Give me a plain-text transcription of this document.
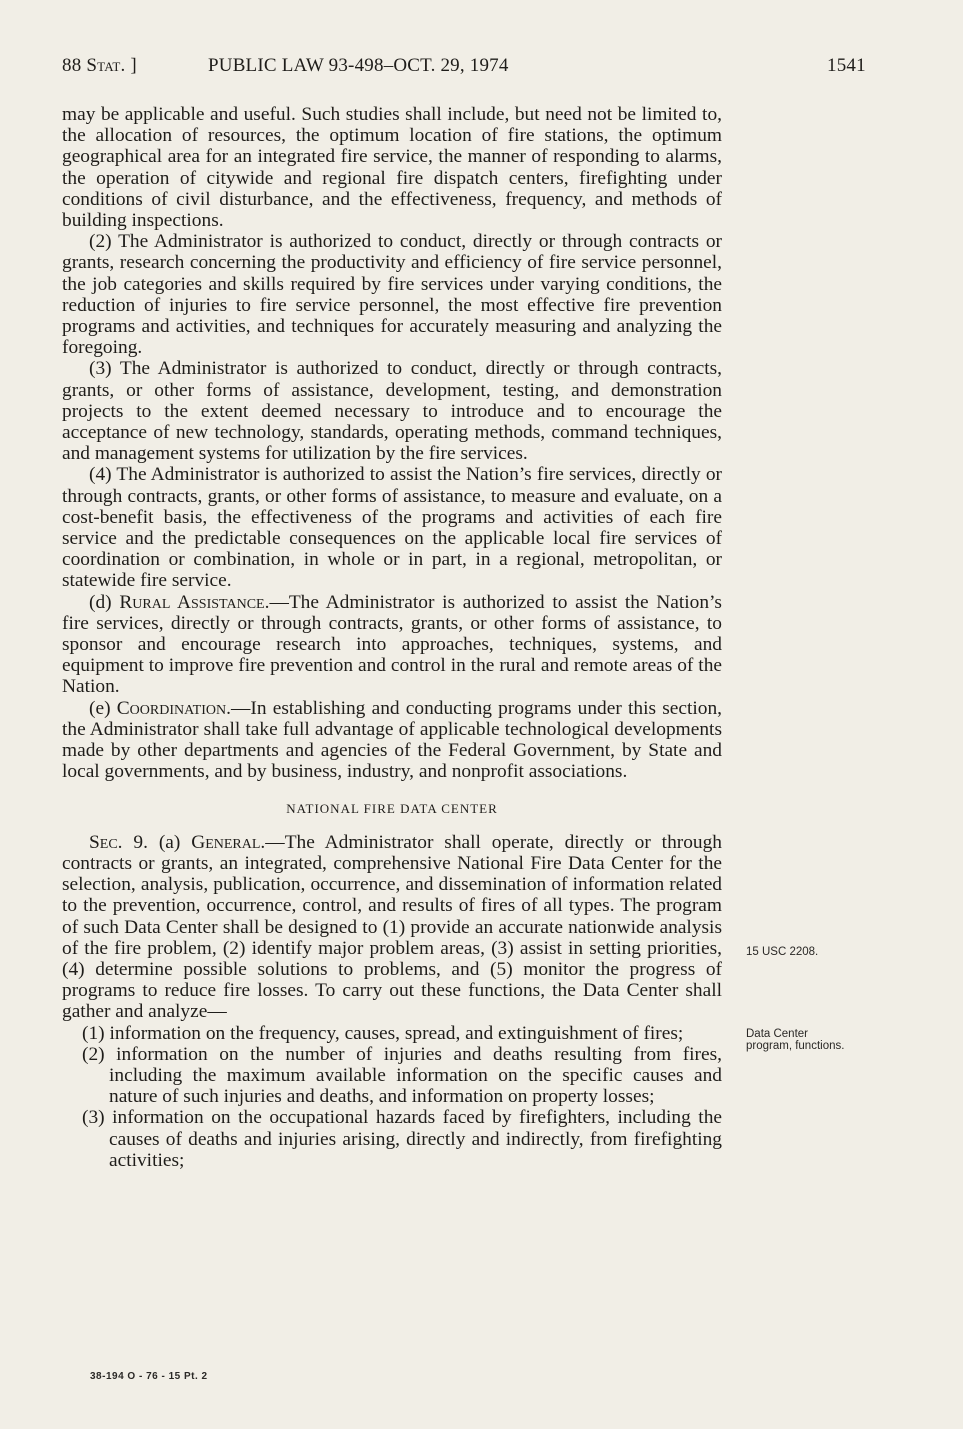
88 Stat. ]	PUBLIC LAW 93-498–OCT. 29, 1974	1541

may be applicable and useful. Such studies shall include, but need not be limited to, the allocation of resources, the optimum location of fire stations, the optimum geographical area for an integrated fire service, the manner of responding to alarms, the operation of citywide and regional fire dispatch centers, firefighting under conditions of civil disturbance, and the effectiveness, frequency, and methods of building inspections.

(2) The Administrator is authorized to conduct, directly or through contracts or grants, research concerning the productivity and efficiency of fire service personnel, the job categories and skills required by fire services under varying conditions, the reduction of injuries to fire service personnel, the most effective fire prevention programs and activities, and techniques for accurately measuring and analyzing the foregoing.

(3) The Administrator is authorized to conduct, directly or through contracts, grants, or other forms of assistance, development, testing, and demonstration projects to the extent deemed necessary to introduce and to encourage the acceptance of new technology, standards, operating methods, command techniques, and management systems for utilization by the fire services.

(4) The Administrator is authorized to assist the Nation’s fire services, directly or through contracts, grants, or other forms of assistance, to measure and evaluate, on a cost-benefit basis, the effectiveness of the programs and activities of each fire service and the predictable consequences on the applicable local fire services of coordination or combination, in whole or in part, in a regional, metropolitan, or statewide fire service.

(d) Rural Assistance.—The Administrator is authorized to assist the Nation’s fire services, directly or through contracts, grants, or other forms of assistance, to sponsor and encourage research into approaches, techniques, systems, and equipment to improve fire prevention and control in the rural and remote areas of the Nation.

(e) Coordination.—In establishing and conducting programs under this section, the Administrator shall take full advantage of applicable technological developments made by other departments and agencies of the Federal Government, by State and local governments, and by business, industry, and nonprofit associations.

NATIONAL FIRE DATA CENTER

Sec. 9. (a) General.—The Administrator shall operate, directly or through contracts or grants, an integrated, comprehensive National Fire Data Center for the selection, analysis, publication, occurrence, and dissemination of information related to the prevention, occurrence, control, and results of fires of all types. The program of such Data Center shall be designed to (1) provide an accurate nationwide analysis of the fire problem, (2) identify major problem areas, (3) assist in setting priorities, (4) determine possible solutions to problems, and (5) monitor the progress of programs to reduce fire losses. To carry out these functions, the Data Center shall gather and analyze—

(1) information on the frequency, causes, spread, and extinguishment of fires;

(2) information on the number of injuries and deaths resulting from fires, including the maximum available information on the specific causes and nature of such injuries and deaths, and information on property losses;

(3) information on the occupational hazards faced by firefighters, including the causes of deaths and injuries arising, directly and indirectly, from firefighting activities;

15 USC 2208.
Data Center program, functions.
38-194 O - 76 - 15 Pt. 2
